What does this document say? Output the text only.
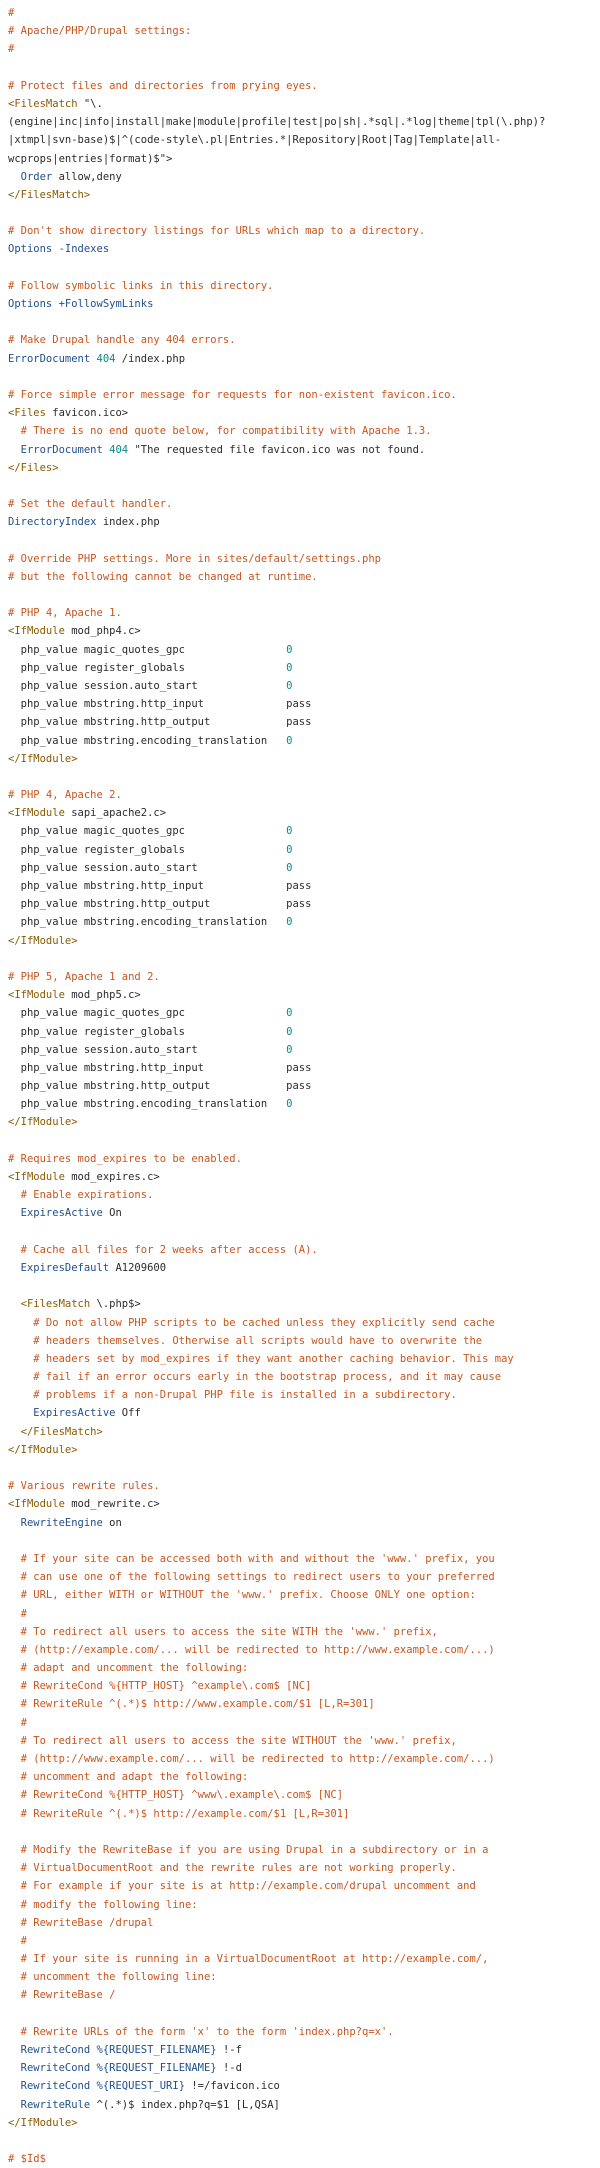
#
# Apache/PHP/Drupal settings:
#
# Protect files and directories from prying eyes.
<FilesMatch "\.
(engine|inc|info|install|make|module|profile|test|po|sh|.*sql|.*log|theme|tpl(\.php)?
|xtmpl|svn-base)$|^(code-style\.pl|Entries.*|Repository|Root|Tag|Template|all-
wcprops|entries|format)$">
Order allow,deny
</FilesMatch>
# Don't show directory listings for URLs which map to a directory.
Options -Indexes
# Follow symbolic links in this directory.
Options +FollowSymLinks
# Make Drupal handle any 404 errors.
ErrorDocument 404 /index.php
# Force simple error message for requests for non-existent favicon.ico.
<Files favicon.ico>
# There is no end quote below, for compatibility with Apache 1.3.
ErrorDocument 404 "The requested file favicon.ico was not found.
</Files>
# Set the default handler.
DirectoryIndex index.php
# Override PHP settings. More in sites/default/settings.php
# but the following cannot be changed at runtime.
# PHP 4, Apache 1.
<IfModule mod_php4.c>
php_value magic_quotes_gpc                0
php_value register_globals                0
php_value session.auto_start              0
php_value mbstring.http_input             pass
php_value mbstring.http_output            pass
php_value mbstring.encoding_translation   0
</IfModule>
# PHP 4, Apache 2.
<IfModule sapi_apache2.c>
php_value magic_quotes_gpc                0
php_value register_globals                0
php_value session.auto_start              0
php_value mbstring.http_input             pass
php_value mbstring.http_output            pass
php_value mbstring.encoding_translation   0
</IfModule>
# PHP 5, Apache 1 and 2.
<IfModule mod_php5.c>
php_value magic_quotes_gpc                0
php_value register_globals                0
php_value session.auto_start              0
php_value mbstring.http_input             pass
php_value mbstring.http_output            pass
php_value mbstring.encoding_translation   0
</IfModule>
# Requires mod_expires to be enabled.
<IfModule mod_expires.c>
# Enable expirations.
ExpiresActive On
# Cache all files for 2 weeks after access (A).
ExpiresDefault A1209600
<FilesMatch \.php$>
# Do not allow PHP scripts to be cached unless they explicitly send cache
# headers themselves. Otherwise all scripts would have to overwrite the
# headers set by mod_expires if they want another caching behavior. This may
# fail if an error occurs early in the bootstrap process, and it may cause
# problems if a non-Drupal PHP file is installed in a subdirectory.
ExpiresActive Off
</FilesMatch>
</IfModule>
# Various rewrite rules.
<IfModule mod_rewrite.c>
RewriteEngine on
# If your site can be accessed both with and without the 'www.' prefix, you
# can use one of the following settings to redirect users to your preferred
# URL, either WITH or WITHOUT the 'www.' prefix. Choose ONLY one option:
#
# To redirect all users to access the site WITH the 'www.' prefix,
# (http://example.com/... will be redirected to http://www.example.com/...)
# adapt and uncomment the following:
# RewriteCond %{HTTP_HOST} ^example\.com$ [NC]
# RewriteRule ^(.*)$ http://www.example.com/$1 [L,R=301]
#
# To redirect all users to access the site WITHOUT the 'www.' prefix,
# (http://www.example.com/... will be redirected to http://example.com/...)
# uncomment and adapt the following:
# RewriteCond %{HTTP_HOST} ^www\.example\.com$ [NC]
# RewriteRule ^(.*)$ http://example.com/$1 [L,R=301]
# Modify the RewriteBase if you are using Drupal in a subdirectory or in a
# VirtualDocumentRoot and the rewrite rules are not working properly.
# For example if your site is at http://example.com/drupal uncomment and
# modify the following line:
# RewriteBase /drupal
#
# If your site is running in a VirtualDocumentRoot at http://example.com/,
# uncomment the following line:
# RewriteBase /
# Rewrite URLs of the form 'x' to the form 'index.php?q=x'.
RewriteCond %{REQUEST_FILENAME} !-f
RewriteCond %{REQUEST_FILENAME} !-d
RewriteCond %{REQUEST_URI} !=/favicon.ico
RewriteRule ^(.*)$ index.php?q=$1 [L,QSA]
</IfModule>
# $Id$
